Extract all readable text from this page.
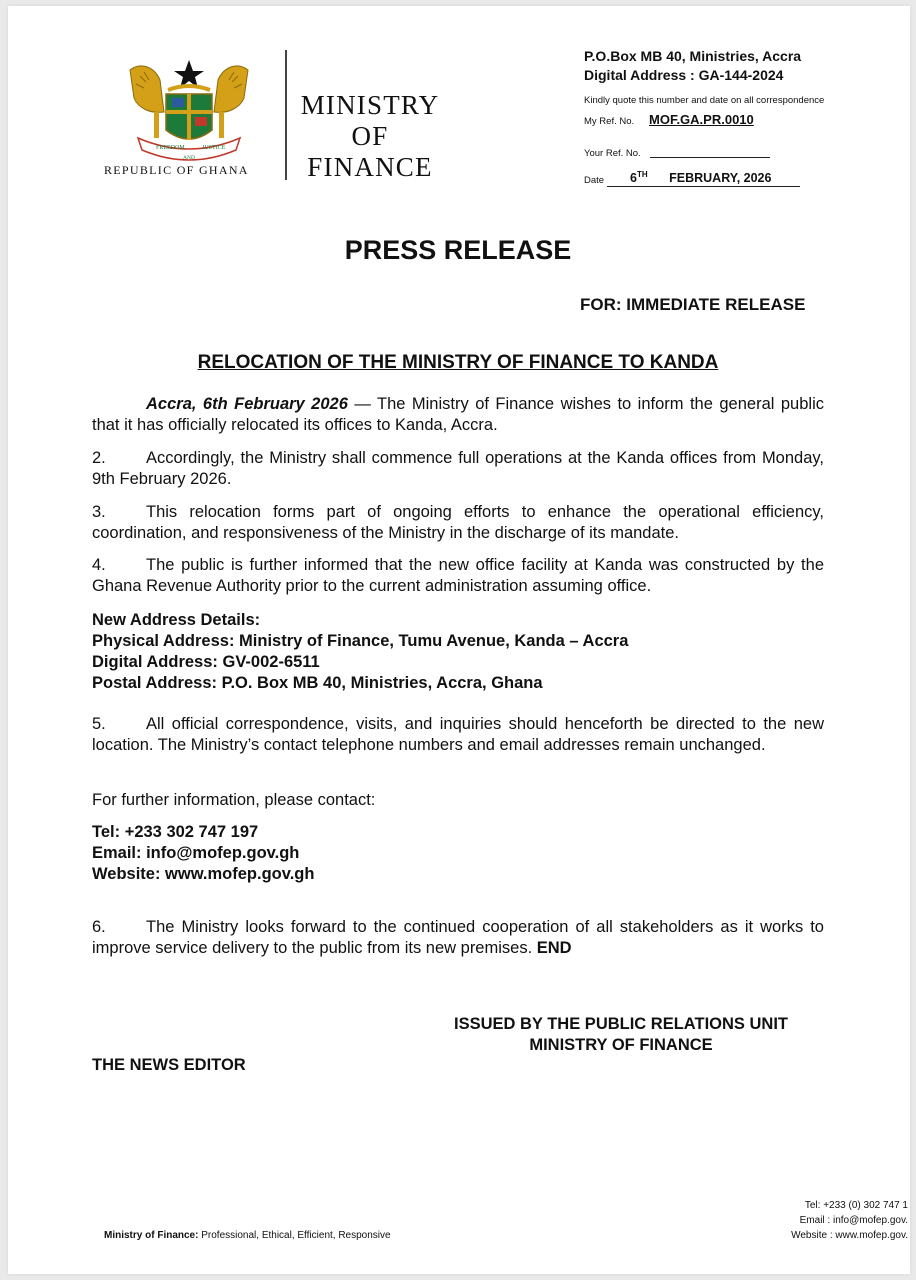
FREEDOM	JUSTICE
AND
REPUBLIC OF GHANA
MINISTRY
OF
FINANCE
P.O.Box MB 40, Ministries, Accra
Digital Address : GA-144-2024
Kindly quote this number and date on all correspondence
My Ref. No. MOF.GA.PR.0010
Your Ref. No.
Date 6TH FEBRUARY, 2026
PRESS RELEASE
FOR: IMMEDIATE RELEASE
RELOCATION OF THE MINISTRY OF FINANCE TO KANDA
Accra, 6th February 2026 — The Ministry of Finance wishes to inform the general public that it has officially relocated its offices to Kanda, Accra.
2. Accordingly, the Ministry shall commence full operations at the Kanda offices from Monday, 9th February 2026.
3. This relocation forms part of ongoing efforts to enhance the operational efficiency, coordination, and responsiveness of the Ministry in the discharge of its mandate.
4. The public is further informed that the new office facility at Kanda was constructed by the Ghana Revenue Authority prior to the current administration assuming office.
New Address Details:
Physical Address: Ministry of Finance, Tumu Avenue, Kanda – Accra
Digital Address: GV-002-6511
Postal Address: P.O. Box MB 40, Ministries, Accra, Ghana
5. All official correspondence, visits, and inquiries should henceforth be directed to the new location. The Ministry’s contact telephone numbers and email addresses remain unchanged.
For further information, please contact:
Tel: +233 302 747 197
Email: info@mofep.gov.gh
Website: www.mofep.gov.gh
6. The Ministry looks forward to the continued cooperation of all stakeholders as it works to improve service delivery to the public from its new premises. END
ISSUED BY THE PUBLIC RELATIONS UNIT
MINISTRY OF FINANCE
THE NEWS EDITOR
Ministry of Finance: Professional, Ethical, Efficient, Responsive
Tel: +233 (0) 302 747 1
Email : info@mofep.gov.
Website : www.mofep.gov.
